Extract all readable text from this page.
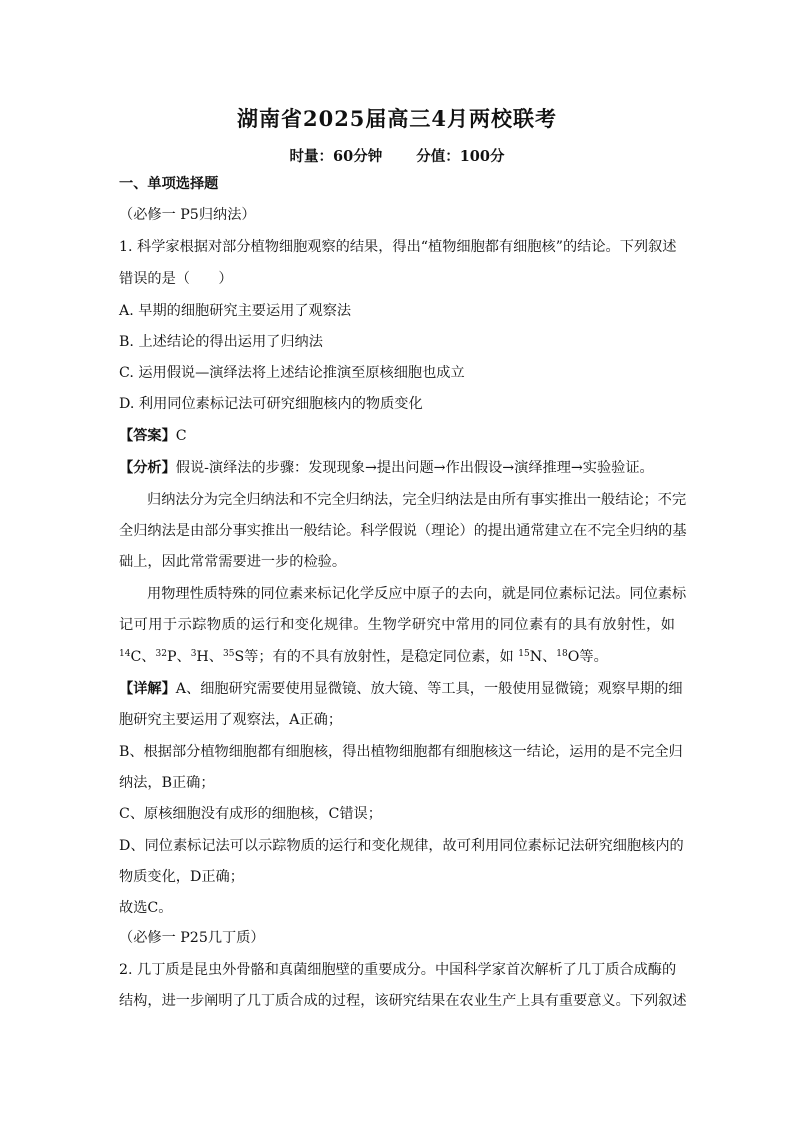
湖南省2025届高三4月两校联考
时量：60分钟 分值：100分
一、单项选择题
（必修一 P5归纳法）
1. 科学家根据对部分植物细胞观察的结果，得出“植物细胞都有细胞核”的结论。下列叙述
错误的是（　　）
A. 早期的细胞研究主要运用了观察法
B. 上述结论的得出运用了归纳法
C. 运用假说—演绎法将上述结论推演至原核细胞也成立
D. 利用同位素标记法可研究细胞核内的物质变化
【答案】C
【分析】假说-演绎法的步骤：发现现象→提出问题→作出假设→演绎推理→实验验证。
归纳法分为完全归纳法和不完全归纳法，完全归纳法是由所有事实推出一般结论；不完
全归纳法是由部分事实推出一般结论。科学假说（理论）的提出通常建立在不完全归纳的基
础上，因此常常需要进一步的检验。
用物理性质特殊的同位素来标记化学反应中原子的去向，就是同位素标记法。同位素标
记可用于示踪物质的运行和变化规律。生物学研究中常用的同位素有的具有放射性，如
$^{14}$C、$^{32}$P、$^3$H、$^{35}$S等；有的不具有放射性，是稳定同位素，如 $^{15}$N、$^{18}$O等。
【详解】A、细胞研究需要使用显微镜、放大镜、等工具，一般使用显微镜；观察早期的细
胞研究主要运用了观察法，A正确；
B、根据部分植物细胞都有细胞核，得出植物细胞都有细胞核这一结论，运用的是不完全归
纳法，B正确；
C、原核细胞没有成形的细胞核，C错误；
D、同位素标记法可以示踪物质的运行和变化规律，故可利用同位素标记法研究细胞核内的
物质变化，D正确；
故选C。
（必修一 P25几丁质）
2. 几丁质是昆虫外骨骼和真菌细胞壁的重要成分。中国科学家首次解析了几丁质合成酶的
结构，进一步阐明了几丁质合成的过程，该研究结果在农业生产上具有重要意义。下列叙述
